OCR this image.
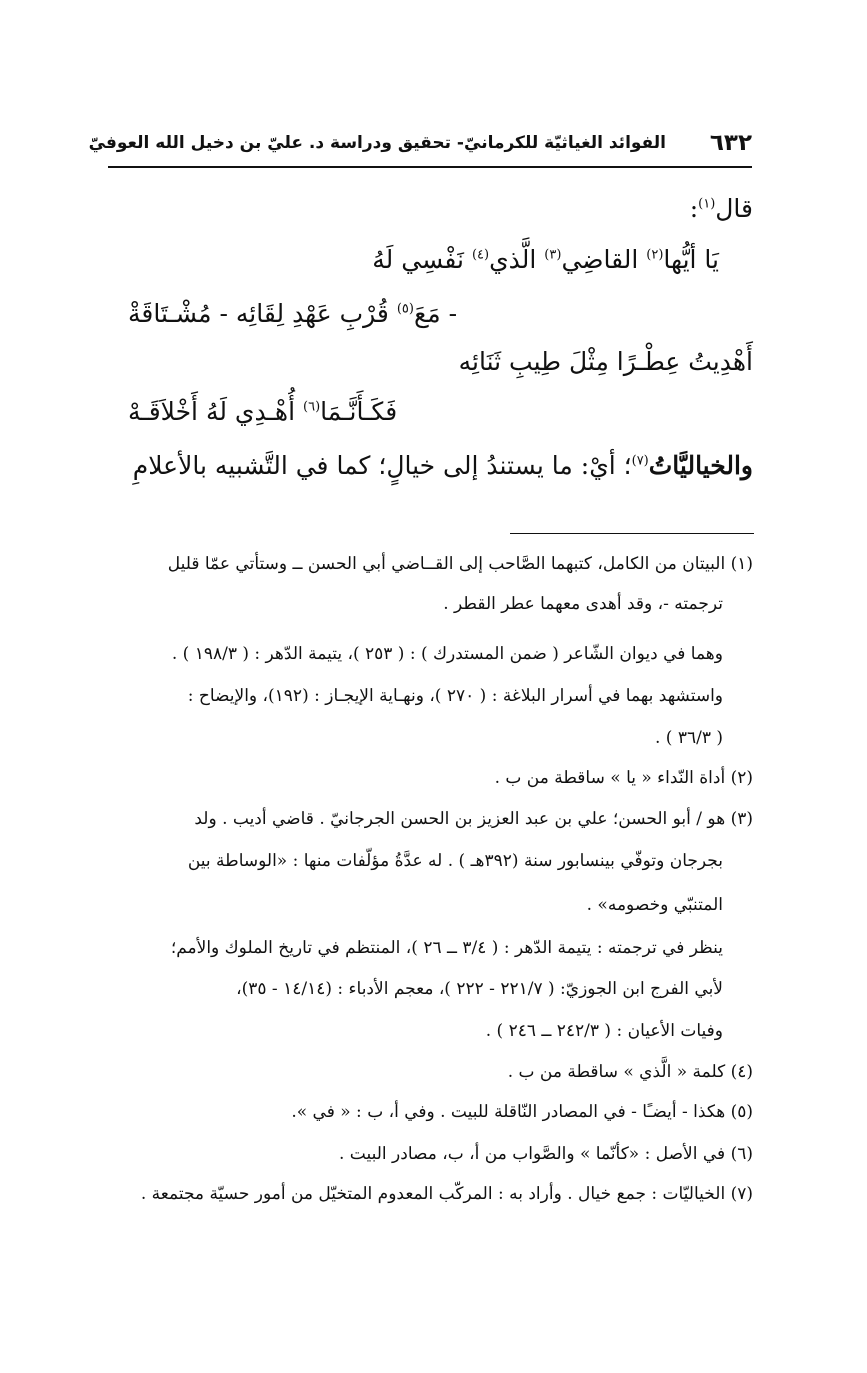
٦٣٢
الفوائد الغياثيّة للكرمانيّ- تحقيق ودراسة د. عليّ بن دخيل الله العوفيّ
قال$^{(١)}$:
يَا أيُّها$^{(٢)}$ القاضِي$^{(٣)}$ الَّذي$^{(٤)}$ نَفْسِي لَهُ
- مَعَ$^{(٥)}$ قُرْبِ عَهْدِ لِقَائِه - مُشْـتَاقَةْ
أَهْدِيتُ عِطْـرًا مِثْلَ طِيبِ ثَنَائِه
فَكَـأَنَّـمَا$^{(٦)}$ أُهْـدِي لَهُ أَخْلاَقَـهْ
والخياليَّاتُ$^{(٧)}$؛ أيْ: ما يستندُ إلى خيالٍ؛ كما في التَّشبيه بالأعلامِ
(١) البيتان من الكامل، كتبهما الصَّاحب إلى القــاضي أبي الحسن ــ وستأتي عمّا قليل
ترجمته -، وقد أهدى معهما عطر القطر .
وهما في ديوان الشّاعر ( ضمن المستدرك ) : ( ٢٥٣ )، يتيمة الدّهر : ( ١٩٨/٣ ) .
واستشهد بهما في أسرار البلاغة : ( ٢٧٠ )، ونهـاية الإيجـاز : (١٩٢)، والإيضاح :
( ٣٦/٣ ) .
(٢) أداة النّداء « يا » ساقطة من ب .
(٣) هو / أبو الحسن؛ علي بن عبد العزيز بن الحسن الجرجانيّ . قاضي أديب . ولد
بجرجان وتوفّي بينسابور سنة (٣٩٢هـ ) . له عدَّةُ مؤلّفات منها : «الوساطة بين
المتنبّي وخصومه» .
ينظر في ترجمته : يتيمة الدّهر : ( ٣/٤ ــ ٢٦ )، المنتظم في تاريخ الملوك والأمم؛
لأبي الفرج ابن الجوزيّ: ( ٢٢١/٧ - ٢٢٢ )، معجم الأدباء : (١٤/١٤ - ٣٥)،
وفيات الأعيان : ( ٢٤٢/٣ ــ ٢٤٦ ) .
(٤) كلمة « الَّذي » ساقطة من ب .
(٥) هكذا - أيضـًا - في المصادر النّاقلة للبيت . وفي أ، ب : « في ».
(٦) في الأصل : «كأنّما » والصَّواب من أ، ب، مصادر البيت .
(٧) الخياليّات : جمع خيال . وأراد به : المركّب المعدوم المتخيّل من أمور حسيّة مجتمعة .
